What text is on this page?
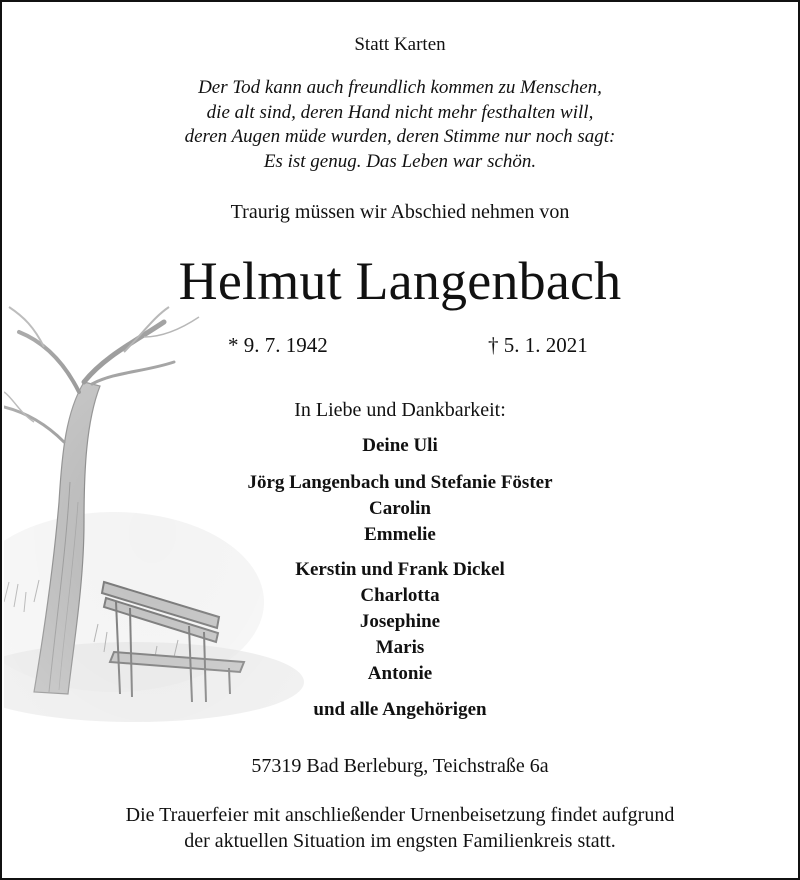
Statt Karten
Der Tod kann auch freundlich kommen zu Menschen,
die alt sind, deren Hand nicht mehr festhalten will,
deren Augen müde wurden, deren Stimme nur noch sagt:
Es ist genug. Das Leben war schön.
Traurig müssen wir Abschied nehmen von
Helmut Langenbach
* 9. 7. 1942	† 5. 1. 2021
In Liebe und Dankbarkeit:
Deine Uli
Jörg Langenbach und Stefanie Föster
Carolin
Emmelie
Kerstin und Frank Dickel
Charlotta
Josephine
Maris
Antonie
und alle Angehörigen
57319 Bad Berleburg, Teichstraße 6a
Die Trauerfeier mit anschließender Urnenbeisetzung findet aufgrund
der aktuellen Situation im engsten Familienkreis statt.
